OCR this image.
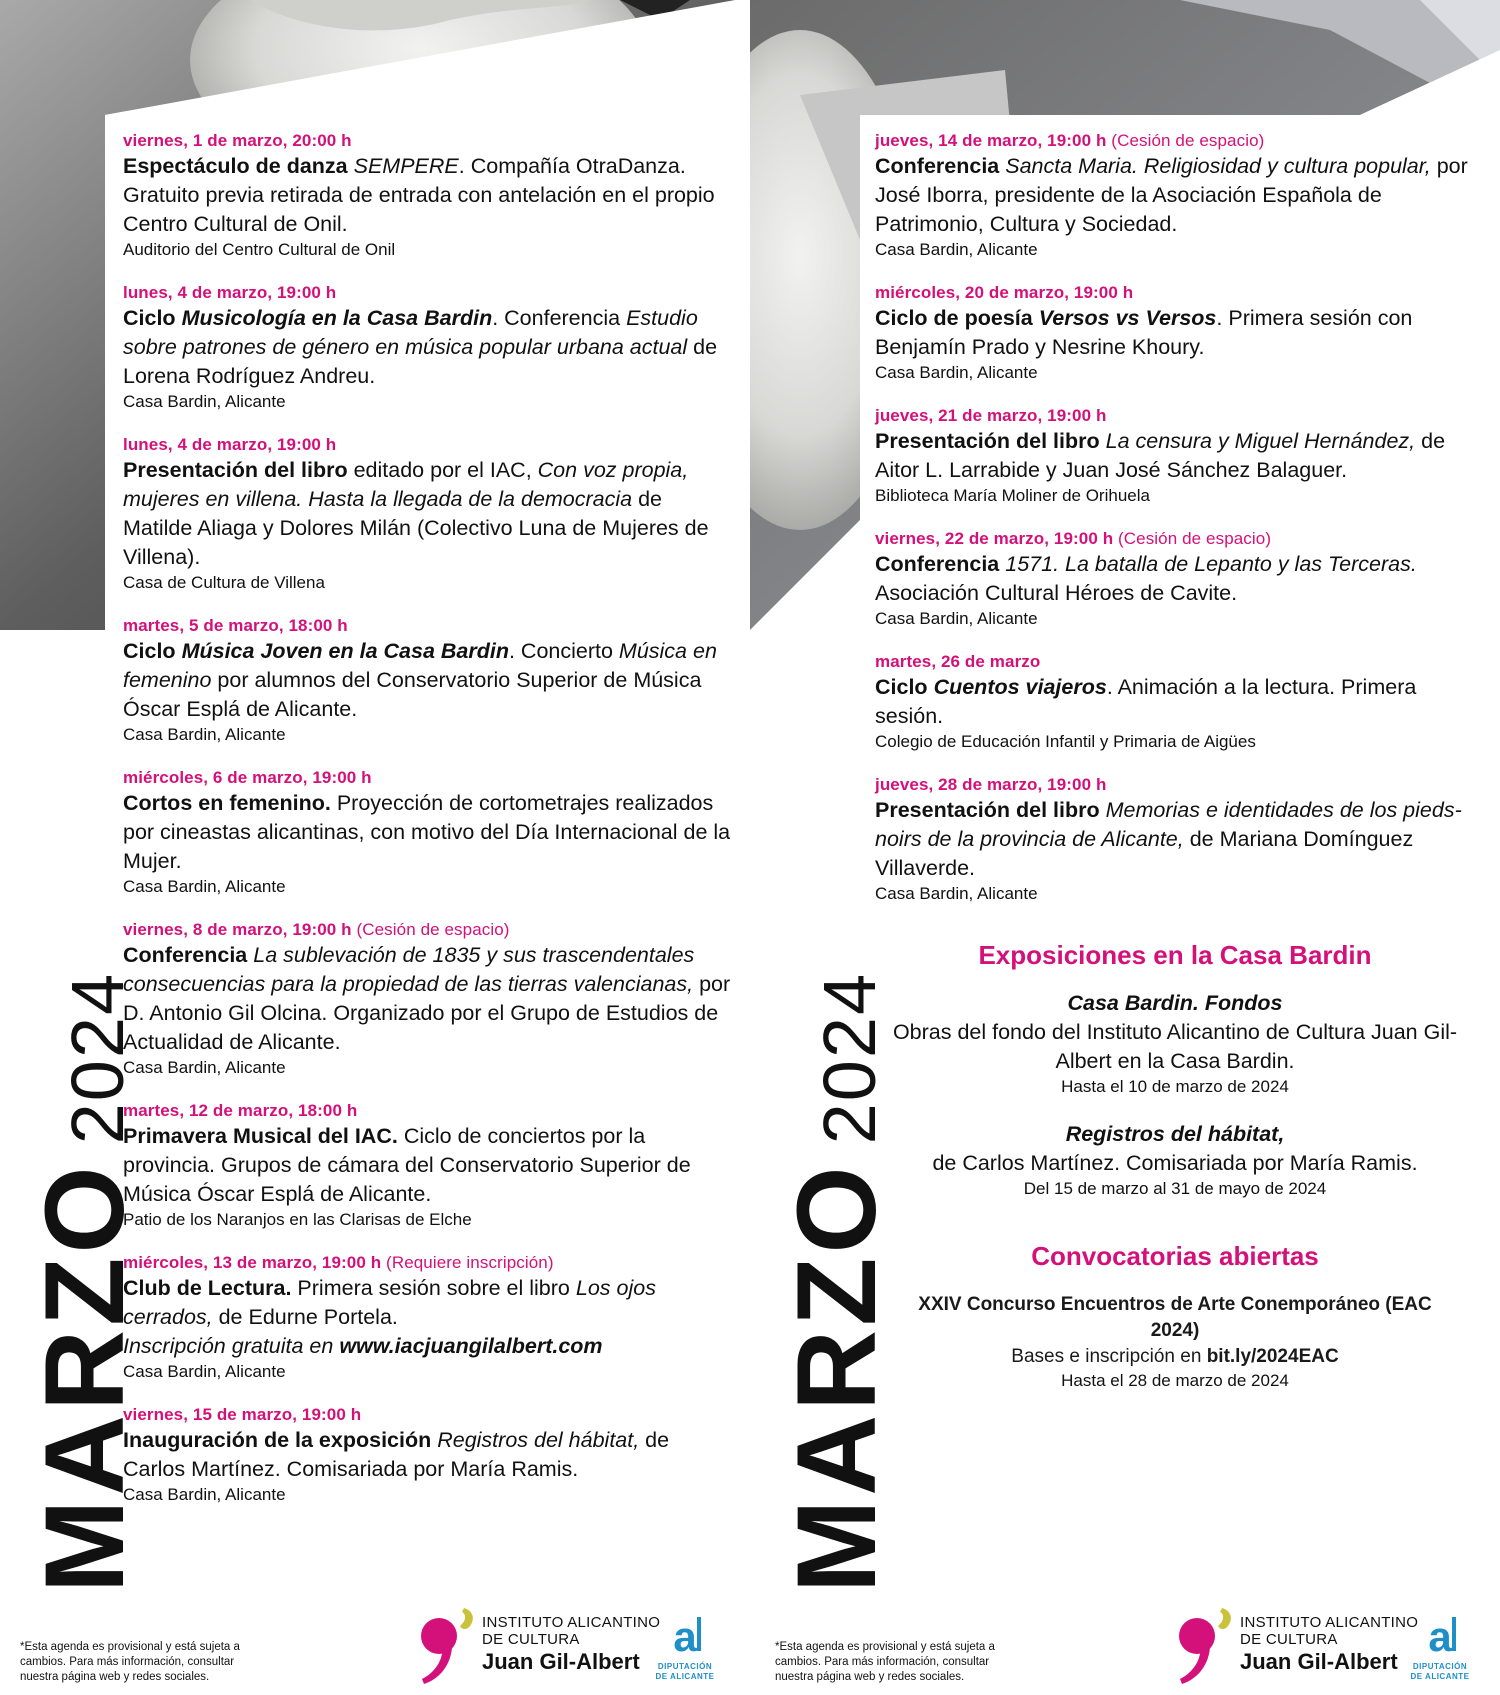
MARZO2024
MARZO2024
viernes, 1 de marzo, 20:00 h
Espectáculo de danza SEMPERE. Compañía OtraDanza. Gratuito previa retirada de entrada con antelación en el propio Centro Cultural de Onil.
Auditorio del Centro Cultural de Onil
lunes, 4 de marzo, 19:00 h
Ciclo Musicología en la Casa Bardin. Conferencia Estudio sobre patrones de género en música popular urbana actual de Lorena Rodríguez Andreu.
Casa Bardin, Alicante
lunes, 4 de marzo, 19:00 h
Presentación del libro editado por el IAC, Con voz propia, mujeres en villena. Hasta la llegada de la democracia de Matilde Aliaga y Dolores Milán (Colectivo Luna de Mujeres de Villena).
Casa de Cultura de Villena
martes, 5 de marzo, 18:00 h
Ciclo Música Joven en la Casa Bardin. Concierto Música en femenino por alumnos del Conservatorio Superior de Música Óscar Esplá de Alicante.
Casa Bardin, Alicante
miércoles, 6 de marzo, 19:00 h
Cortos en femenino. Proyección de cortometrajes realizados por cineastas alicantinas, con motivo del Día Internacional de la Mujer.
Casa Bardin, Alicante
viernes, 8 de marzo, 19:00 h (Cesión de espacio)
Conferencia La sublevación de 1835 y sus trascendentales consecuencias para la propiedad de las tierras valencianas, por D. Antonio Gil Olcina. Organizado por el Grupo de Estudios de Actualidad de Alicante.
Casa Bardin, Alicante
martes, 12 de marzo, 18:00 h
Primavera Musical del IAC. Ciclo de conciertos por la provincia. Grupos de cámara del Conservatorio Superior de Música Óscar Esplá de Alicante.
Patio de los Naranjos en las Clarisas de Elche
miércoles, 13 de marzo, 19:00 h (Requiere inscripción)
Club de Lectura. Primera sesión sobre el libro Los ojos cerrados, de Edurne Portela.
Inscripción gratuita en www.iacjuangilalbert.com
Casa Bardin, Alicante
viernes, 15 de marzo, 19:00 h
Inauguración de la exposición Registros del hábitat, de Carlos Martínez. Comisariada por María Ramis.
Casa Bardin, Alicante
jueves, 14 de marzo, 19:00 h (Cesión de espacio)
Conferencia Sancta Maria. Religiosidad y cultura popular, por José Iborra, presidente de la Asociación Española de Patrimonio, Cultura y Sociedad.
Casa Bardin, Alicante
miércoles, 20 de marzo, 19:00 h
Ciclo de poesía Versos vs Versos. Primera sesión con Benjamín Prado y Nesrine Khoury.
Casa Bardin, Alicante
jueves, 21 de marzo, 19:00 h
Presentación del libro La censura y Miguel Hernández, de Aitor L. Larrabide y Juan José Sánchez Balaguer.
Biblioteca María Moliner de Orihuela
viernes, 22 de marzo, 19:00 h (Cesión de espacio)
Conferencia 1571. La batalla de Lepanto y las Terceras. Asociación Cultural Héroes de Cavite.
Casa Bardin, Alicante
martes, 26 de marzo
Ciclo Cuentos viajeros. Animación a la lectura. Primera sesión.
Colegio de Educación Infantil y Primaria de Aigües
jueves, 28 de marzo, 19:00 h
Presentación del libro Memorias e identidades de los pieds-noirs de la provincia de Alicante, de Mariana Domínguez Villaverde.
Casa Bardin, Alicante
Exposiciones en la Casa Bardin
Casa Bardin. Fondos
Obras del fondo del Instituto Alicantino de Cultura Juan Gil-Albert en la Casa Bardin.
Hasta el 10 de marzo de 2024
Registros del hábitat,
de Carlos Martínez. Comisariada por María Ramis.
Del 15 de marzo al 31 de mayo de 2024
Convocatorias abiertas
XXIV Concurso Encuentros de Arte Conemporáneo (EAC 2024)
Bases e inscripción en bit.ly/2024EAC
Hasta el 28 de marzo de 2024
*Esta agenda es provisional y está sujeta a cambios. Para más información, consultar nuestra página web y redes sociales.
*Esta agenda es provisional y está sujeta a cambios. Para más información, consultar nuestra página web y redes sociales.
INSTITUTO ALICANTINO
DE CULTURA
Juan Gil-Albert
a
DIPUTACIÓN
DE ALICANTE
INSTITUTO ALICANTINO
DE CULTURA
Juan Gil-Albert
a
DIPUTACIÓN
DE ALICANTE
